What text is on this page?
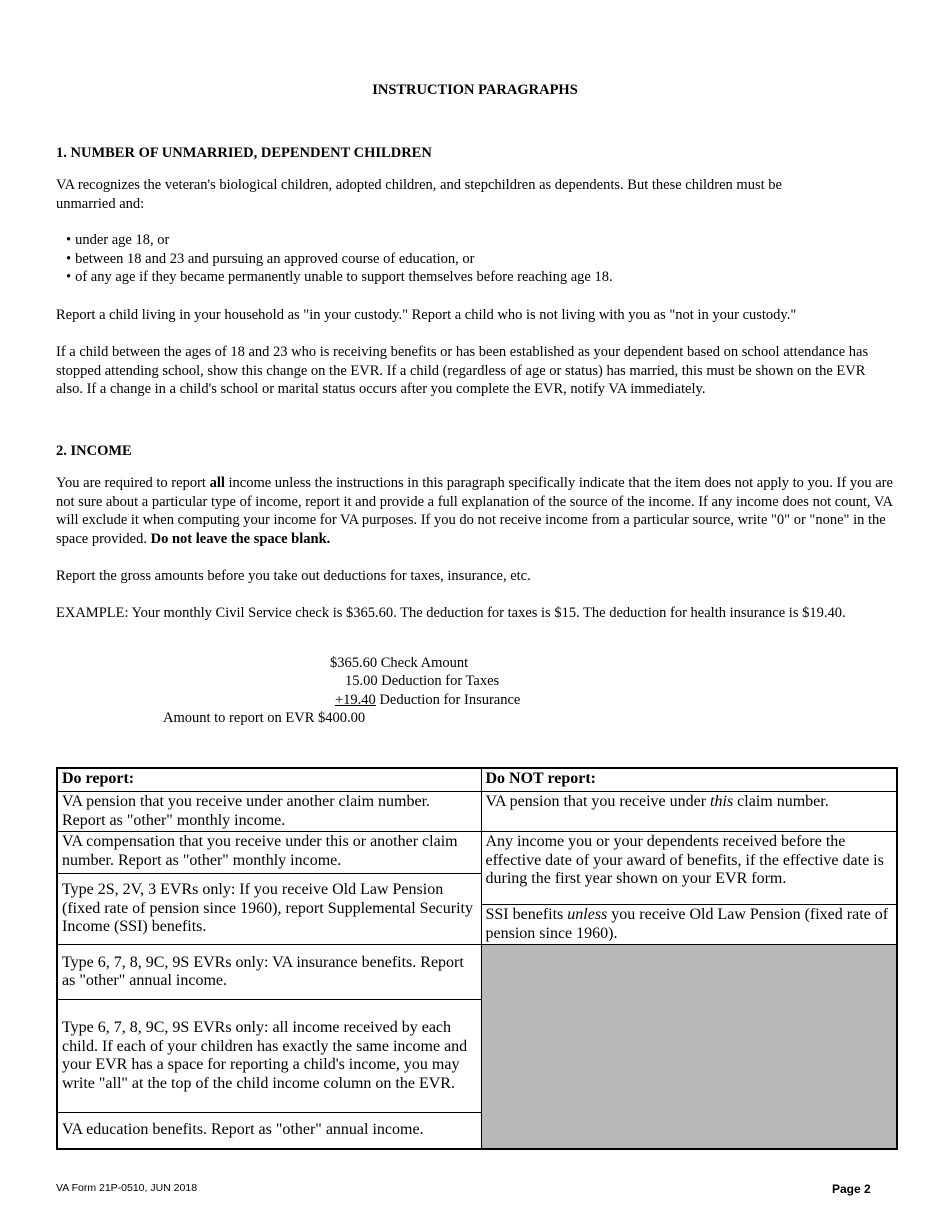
INSTRUCTION PARAGRAPHS
1. NUMBER OF UNMARRIED, DEPENDENT CHILDREN

VA recognizes the veteran's biological children, adopted children, and stepchildren as dependents. But these children must be unmarried and:

• under age 18, or
• between 18 and 23 and pursuing an approved course of education, or
• of any age if they became permanently unable to support themselves before reaching age 18.

Report a child living in your household as "in your custody." Report a child who is not living with you as "not in your custody."

If a child between the ages of 18 and 23 who is receiving benefits or has been established as your dependent based on school attendance has stopped attending school, show this change on the EVR. If a child (regardless of age or status) has married, this must be shown on the EVR also. If a change in a child's school or marital status occurs after you complete the EVR, notify VA immediately.

2. INCOME

You are required to report all income unless the instructions in this paragraph specifically indicate that the item does not apply to you. If you are not sure about a particular type of income, report it and provide a full explanation of the source of the income. If any income does not count, VA will exclude it when computing your income for VA purposes. If you do not receive income from a particular source, write "0" or "none" in the space provided. Do not leave the space blank.

Report the gross amounts before you take out deductions for taxes, insurance, etc.

EXAMPLE: Your monthly Civil Service check is $365.60. The deduction for taxes is $15. The deduction for health insurance is $19.40.

$365.60 Check Amount
15.00 Deduction for Taxes
+19.40 Deduction for Insurance
Amount to report on EVR $400.00
Do report:	Do NOT report:
VA pension that you receive under another claim number. Report as "other" monthly income.	VA pension that you receive under this claim number.
VA compensation that you receive under this or another claim number. Report as "other" monthly income.	Any income you or your dependents received before the effective date of your award of benefits, if the effective date is during the first year shown on your EVR form.
Type 2S, 2V, 3 EVRs only: If you receive Old Law Pension (fixed rate of pension since 1960), report Supplemental Security Income (SSI) benefits.	
	SSI benefits unless you receive Old Law Pension (fixed rate of pension since 1960).
Type 6, 7, 8, 9C, 9S EVRs only: VA insurance benefits. Report as "other" annual income.	
Type 6, 7, 8, 9C, 9S EVRs only: all income received by each child. If each of your children has exactly the same income and your EVR has a space for reporting a child's income, you may write "all" at the top of the child income column on the EVR.	
VA education benefits. Report as "other" annual income.	
VA Form 21P-0510, JUN 2018	Page 2
